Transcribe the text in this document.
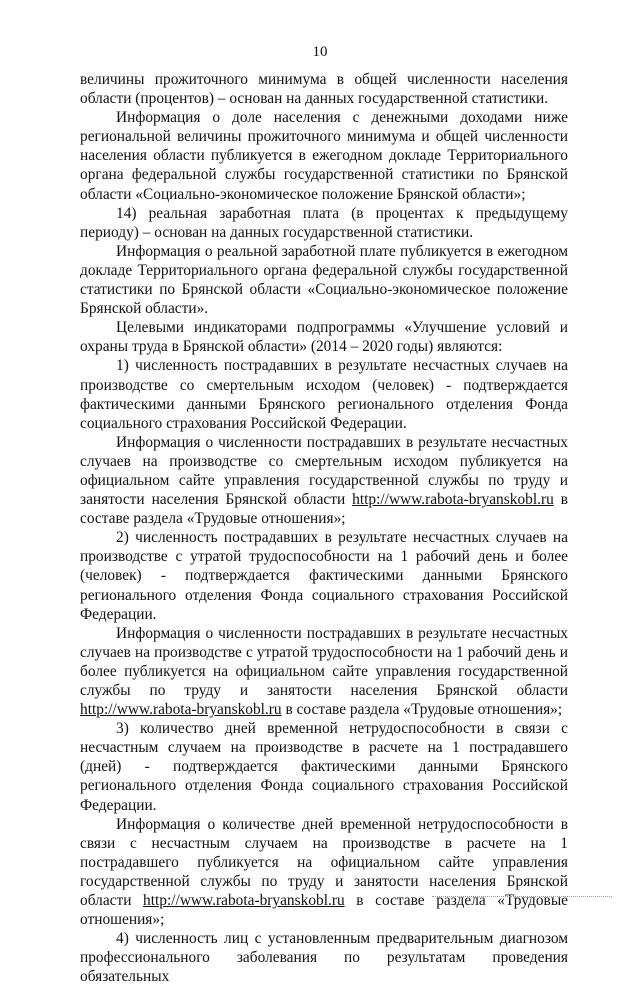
10

величины прожиточного минимума в общей численности населения области (процентов) – основан на данных государственной статистики.

Информация о доле населения с денежными доходами ниже региональной величины прожиточного минимума и общей численности населения области публикуется в ежегодном докладе Территориального органа федеральной службы государственной статистики по Брянской области «Социально-экономическое положение Брянской области»;

14) реальная заработная плата (в процентах к предыдущему периоду) – основан на данных государственной статистики.

Информация о реальной заработной плате публикуется в ежегодном докладе Территориального органа федеральной службы государственной статистики по Брянской области «Социально-экономическое положение Брянской области».

Целевыми индикаторами подпрограммы «Улучшение условий и охраны труда в Брянской области» (2014 – 2020 годы) являются:

1) численность пострадавших в результате несчастных случаев на производстве со смертельным исходом (человек) - подтверждается фактическими данными Брянского регионального отделения Фонда социального страхования Российской Федерации.

Информация о численности пострадавших в результате несчастных случаев на производстве со смертельным исходом публикуется на официальном сайте управления государственной службы по труду и занятости населения Брянской области http://www.rabota-bryanskobl.ru в составе раздела «Трудовые отношения»;

2) численность пострадавших в результате несчастных случаев на производстве с утратой трудоспособности на 1 рабочий день и более (человек) - подтверждается фактическими данными Брянского регионального отделения Фонда социального страхования Российской Федерации.

Информация о численности пострадавших в результате несчастных случаев на производстве с утратой трудоспособности на 1 рабочий день и более публикуется на официальном сайте управления государственной службы по труду и занятости населения Брянской области http://www.rabota-bryanskobl.ru в составе раздела «Трудовые отношения»;

3) количество дней временной нетрудоспособности в связи с несчастным случаем на производстве в расчете на 1 пострадавшего (дней) - подтверждается фактическими данными Брянского регионального отделения Фонда социального страхования Российской Федерации.

Информация о количестве дней временной нетрудоспособности в связи с несчастным случаем на производстве в расчете на 1 пострадавшего публикуется на официальном сайте управления государственной службы по труду и занятости населения Брянской области http://www.rabota-bryanskobl.ru в составе раздела «Трудовые отношения»;

4) численность лиц с установленным предварительным диагнозом профессионального заболевания по результатам проведения обязательных
